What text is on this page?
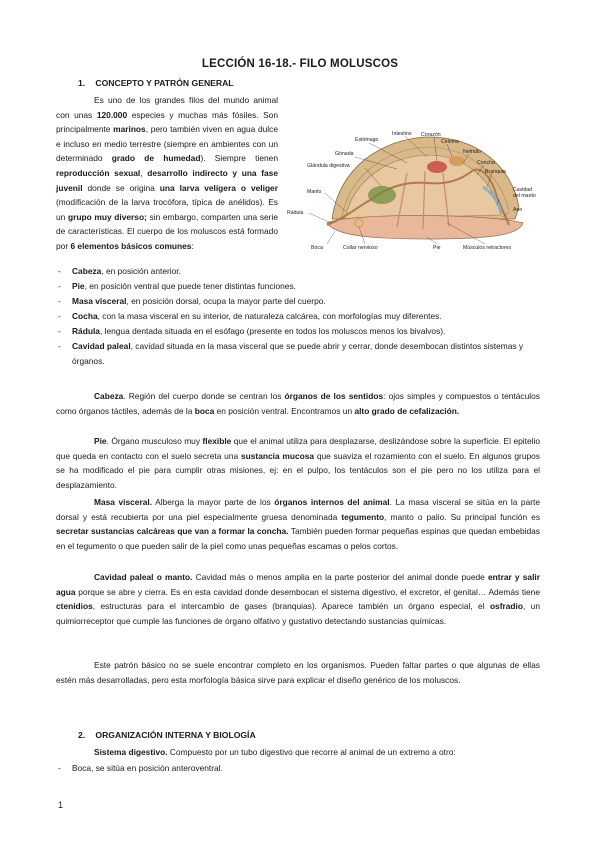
LECCIÓN 16-18.- FILO MOLUSCOS
1. CONCEPTO Y PATRÓN GENERAL
Es uno de los grandes filos del mundo animal con unas 120.000 especies y muchas más fósiles. Son principalmente marinos, pero también viven en agua dulce e incluso en medio terrestre (siempre en ambientes con un determinado grado de humedad). Siempre tienen reproducción sexual, desarrollo indirecto y una fase juvenil donde se origina una larva velígera o veliger (modificación de la larva trocófora, típica de anélidos). Es un grupo muy diverso; sin embargo, comparten una serie de características. El cuerpo de los moluscos está formado por 6 elementos básicos comunes:
Intestino Corazón
Celoma
Nefridio
Concha
Branquia
Cavidad
del manto
Ano
Estómago
Gónada
Glándula digestiva
Manto
Rádula
Boca	Collar nervioso	Pie	Músculos retractores
- Cabeza, en posición anterior.
- Pie, en posición ventral que puede tener distintas funciones.
- Masa visceral, en posición dorsal, ocupa la mayor parte del cuerpo.
- Cocha, con la masa visceral en su interior, de naturaleza calcárea, con morfologías muy diferentes.
- Rádula, lengua dentada situada en el esófago (presente en todos los moluscos menos los bivalvos).
- Cavidad paleal, cavidad situada en la masa visceral que se puede abrir y cerrar, donde desembocan distintos sistemas y órganos.
Cabeza. Región del cuerpo donde se centran los órganos de los sentidos: ojos simples y compuestos o tentáculos como órganos táctiles, además de la boca en posición ventral. Encontramos un alto grado de cefalización.
Pie. Órgano musculoso muy flexible que el animal utiliza para desplazarse, deslizándose sobre la superficie. El epitelio que queda en contacto con el suelo secreta una sustancia mucosa que suaviza el rozamiento con el suelo. En algunos grupos se ha modificado el pie para cumplir otras misiones, ej: en el pulpo, los tentáculos son el pie pero no los utiliza para el desplazamiento.
Masa visceral. Alberga la mayor parte de los órganos internos del animal. La masa visceral se sitúa en la parte dorsal y está recubierta por una piel especialmente gruesa denominada tegumento, manto o palio. Su principal función es secretar sustancias calcáreas que van a formar la concha. También pueden formar pequeñas espinas que quedan embebidas en el tegumento o que pueden salir de la piel como unas pequeñas escamas o pelos cortos.
Cavidad paleal o manto. Cavidad más o menos amplia en la parte posterior del animal donde puede entrar y salir agua porque se abre y cierra. Es en esta cavidad donde desembocan el sistema digestivo, el excretor, el genital… Además tiene ctenidios, estructuras para el intercambio de gases (branquias). Aparece también un órgano especial, el osfradio, un quimiorreceptor que cumple las funciones de órgano olfativo y gustativo detectando sustancias químicas.
Este patrón básico no se suele encontrar completo en los organismos. Pueden faltar partes o que algunas de ellas estén más desarrolladas, pero esta morfología básica sirve para explicar el diseño genérico de los moluscos.
2. ORGANIZACIÓN INTERNA Y BIOLOGÍA
Sistema digestivo. Compuesto por un tubo digestivo que recorre al animal de un extremo a otro:
- Boca, se sitúa en posición anteroventral.
1
